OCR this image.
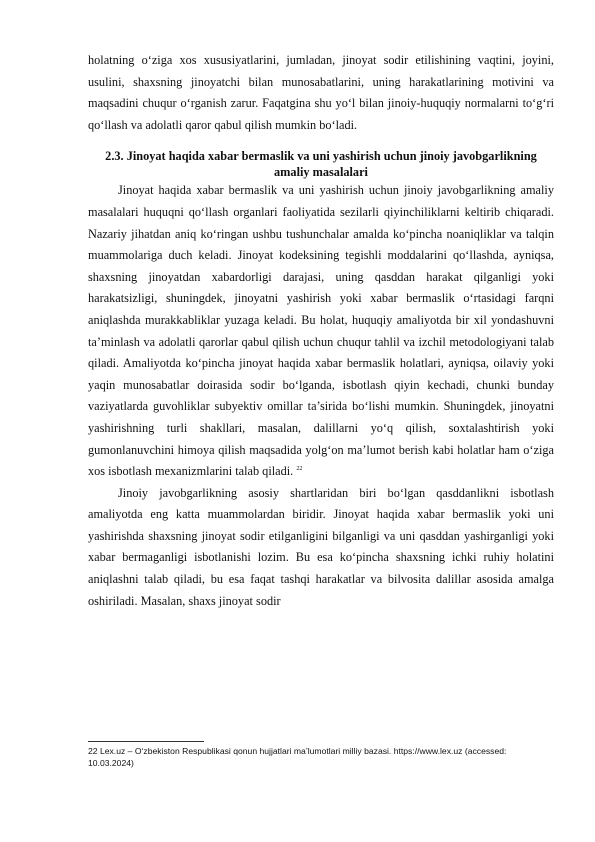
holatning o‘ziga xos xususiyatlarini, jumladan, jinoyat sodir etilishining vaqtini, joyini, usulini, shaxsning jinoyatchi bilan munosabatlarini, uning harakatlarining motivini va maqsadini chuqur o‘rganish zarur. Faqatgina shu yo‘l bilan jinoiy-huquqiy normalarni to‘g‘ri qo‘llash va adolatli qaror qabul qilish mumkin bo‘ladi.

2.3. Jinoyat haqida xabar bermaslik va uni yashirish uchun jinoiy javobgarlikning amaliy masalalari

Jinoyat haqida xabar bermaslik va uni yashirish uchun jinoiy javobgarlikning amaliy masalalari huquqni qo‘llash organlari faoliyatida sezilarli qiyinchiliklarni keltirib chiqaradi. Nazariy jihatdan aniq ko‘ringan ushbu tushunchalar amalda ko‘pincha noaniqliklar va talqin muammolariga duch keladi. Jinoyat kodeksining tegishli moddalarini qo‘llashda, ayniqsa, shaxsning jinoyatdan xabardorligi darajasi, uning qasddan harakat qilganligi yoki harakatsizligi, shuningdek, jinoyatni yashirish yoki xabar bermaslik o‘rtasidagi farqni aniqlashda murakkabliklar yuzaga keladi. Bu holat, huquqiy amaliyotda bir xil yondashuvni ta’minlash va adolatli qarorlar qabul qilish uchun chuqur tahlil va izchil metodologiyani talab qiladi. Amaliyotda ko‘pincha jinoyat haqida xabar bermaslik holatlari, ayniqsa, oilaviy yoki yaqin munosabatlar doirasida sodir bo‘lganda, isbotlash qiyin kechadi, chunki bunday vaziyatlarda guvohliklar subyektiv omillar ta’sirida bo‘lishi mumkin. Shuningdek, jinoyatni yashirishning turli shakllari, masalan, dalillarni yo‘q qilish, soxtalashtirish yoki gumonlanuvchini himoya qilish maqsadida yolg‘on ma’lumot berish kabi holatlar ham o‘ziga xos isbotlash mexanizmlarini talab qiladi. $^{22}$

Jinoiy javobgarlikning asosiy shartlaridan biri bo‘lgan qasddanlikni isbotlash amaliyotda eng katta muammolardan biridir. Jinoyat haqida xabar bermaslik yoki uni yashirishda shaxsning jinoyat sodir etilganligini bilganligi va uni qasddan yashirganligi yoki xabar bermaganligi isbotlanishi lozim. Bu esa ko‘pincha shaxsning ichki ruhiy holatini aniqlashni talab qiladi, bu esa faqat tashqi harakatlar va bilvosita dalillar asosida amalga oshiriladi. Masalan, shaxs jinoyat sodir

22 Lex.uz – O‘zbekiston Respublikasi qonun hujjatlari ma’lumotlari milliy bazasi. https://www.lex.uz (accessed: 10.03.2024)
